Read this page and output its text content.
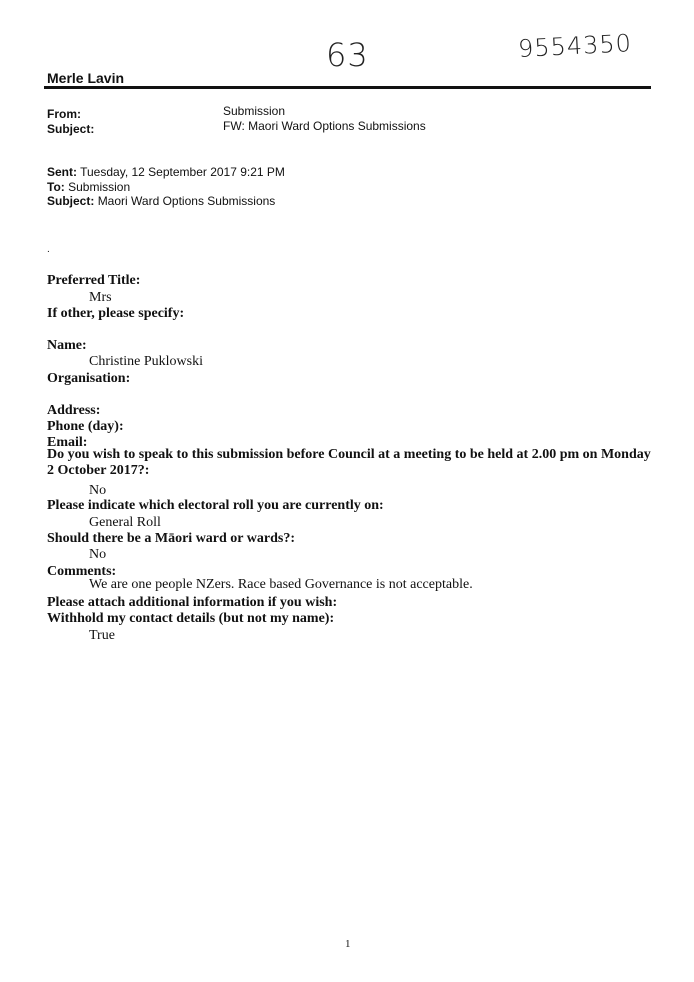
63	9554350
Merle Lavin
From:	Submission
Subject:	FW: Maori Ward Options Submissions
Sent: Tuesday, 12 September 2017 9:21 PM
To: Submission
Subject: Maori Ward Options Submissions
.
Preferred Title:
Mrs
If other, please specify:
Name:
Christine Puklowski
Organisation:
Address:
Phone (day):
Email:
Do you wish to speak to this submission before Council at a meeting to be held at 2.00 pm on Monday
2 October 2017?:
No
Please indicate which electoral roll you are currently on:
General Roll
Should there be a Māori ward or wards?:
No
Comments:
We are one people NZers. Race based Governance is not acceptable.
Please attach additional information if you wish:
Withhold my contact details (but not my name):
True
1
